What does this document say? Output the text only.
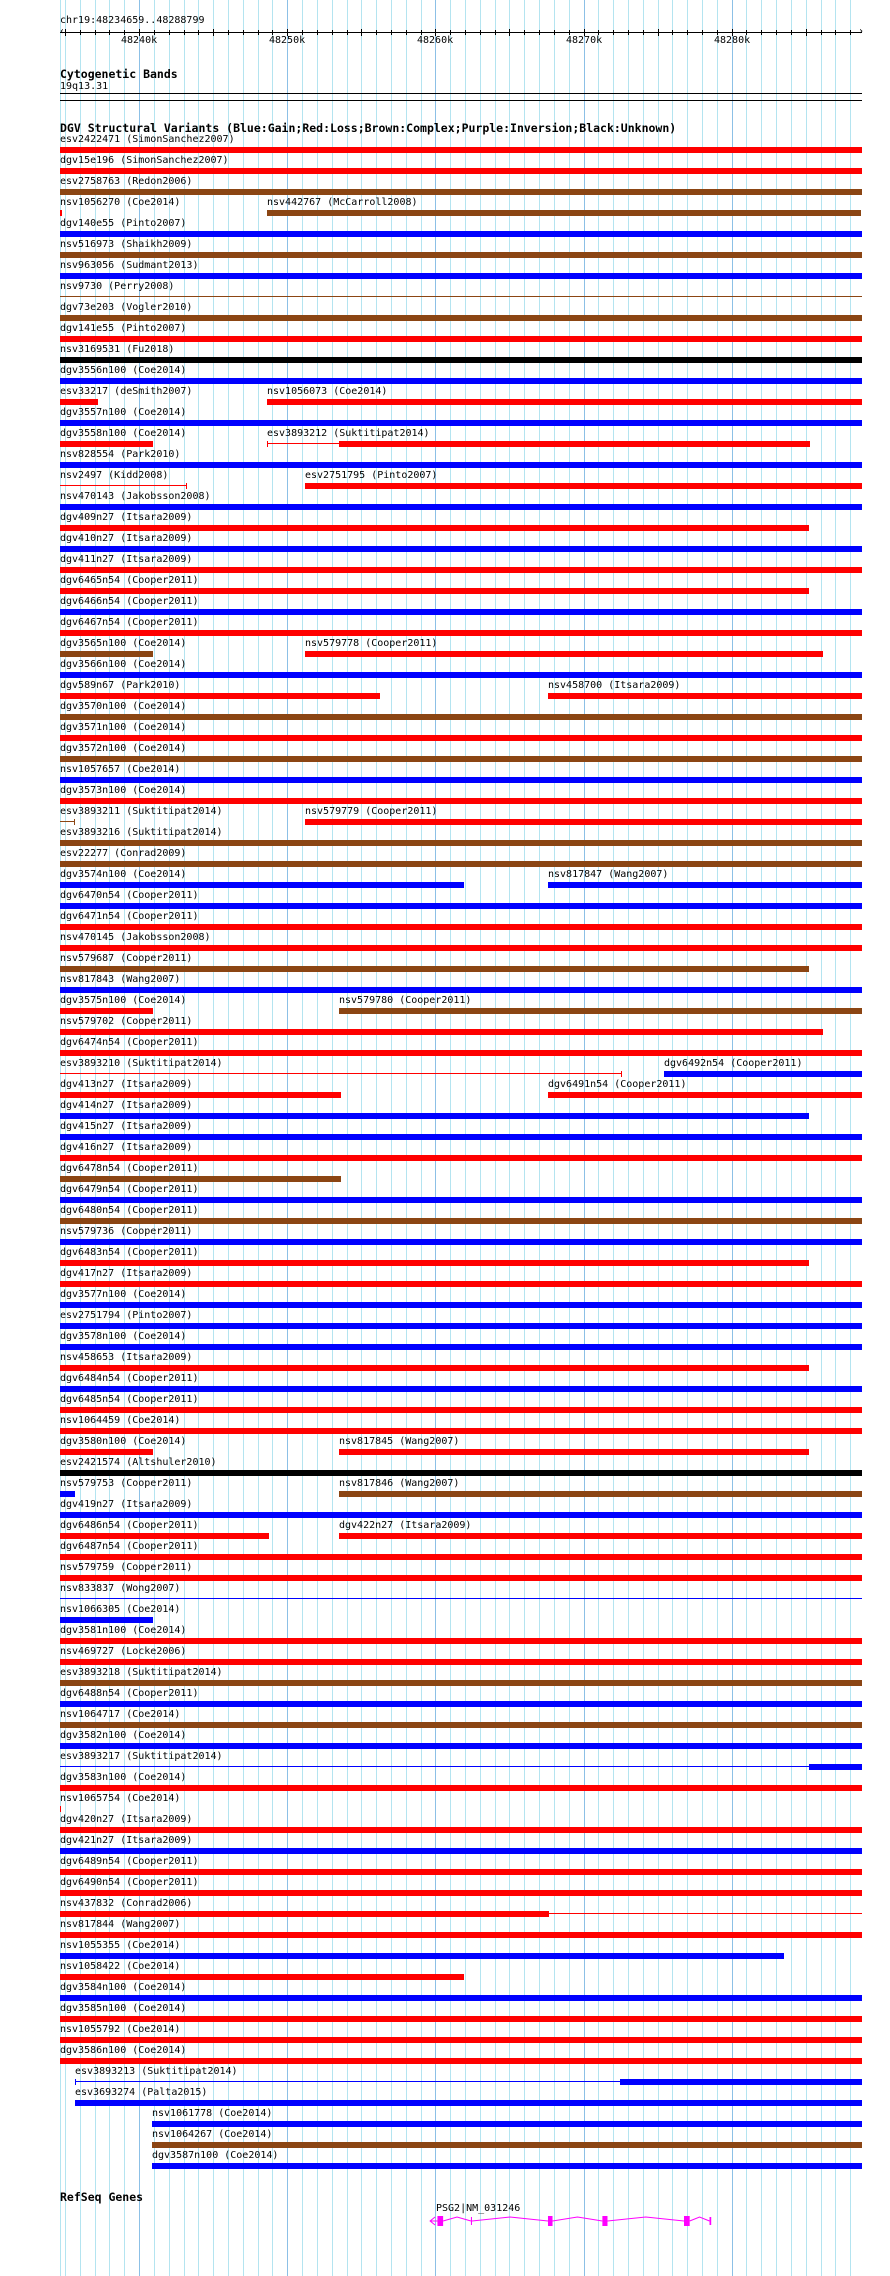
chr19:48234659..48288799
‹	›
48240k	48250k	48260k	48270k	48280k
Cytogenetic Bands
19q13.31
DGV Structural Variants (Blue:Gain;Red:Loss;Brown:Complex;Purple:Inversion;Black:Unknown)
esv2422471 (SimonSanchez2007)
dgv15e196 (SimonSanchez2007)
esv2758763 (Redon2006)
nsv1056270 (Coe2014)	nsv442767 (McCarroll2008)
dgv140e55 (Pinto2007)
nsv516973 (Shaikh2009)
nsv963056 (Sudmant2013)
nsv9730 (Perry2008)
dgv73e203 (Vogler2010)
dgv141e55 (Pinto2007)
nsv3169531 (Fu2018)
dgv3556n100 (Coe2014)
esv33217 (deSmith2007)	nsv1056073 (Coe2014)
dgv3557n100 (Coe2014)
dgv3558n100 (Coe2014)	esv3893212 (Suktitipat2014)
nsv828554 (Park2010)
nsv2497 (Kidd2008)	esv2751795 (Pinto2007)
nsv470143 (Jakobsson2008)
dgv409n27 (Itsara2009)
dgv410n27 (Itsara2009)
dgv411n27 (Itsara2009)
dgv6465n54 (Cooper2011)
dgv6466n54 (Cooper2011)
dgv6467n54 (Cooper2011)
dgv3565n100 (Coe2014)	nsv579778 (Cooper2011)
dgv3566n100 (Coe2014)
dgv589n67 (Park2010)	nsv458700 (Itsara2009)
dgv3570n100 (Coe2014)
dgv3571n100 (Coe2014)
dgv3572n100 (Coe2014)
nsv1057657 (Coe2014)
dgv3573n100 (Coe2014)
esv3893211 (Suktitipat2014)	nsv579779 (Cooper2011)
esv3893216 (Suktitipat2014)
esv22277 (Conrad2009)
dgv3574n100 (Coe2014)	nsv817847 (Wang2007)
dgv6470n54 (Cooper2011)
dgv6471n54 (Cooper2011)
nsv470145 (Jakobsson2008)
nsv579687 (Cooper2011)
nsv817843 (Wang2007)
dgv3575n100 (Coe2014)	nsv579780 (Cooper2011)
nsv579702 (Cooper2011)
dgv6474n54 (Cooper2011)
esv3893210 (Suktitipat2014)	dgv6492n54 (Cooper2011)
dgv413n27 (Itsara2009)	dgv6491n54 (Cooper2011)
dgv414n27 (Itsara2009)
dgv415n27 (Itsara2009)
dgv416n27 (Itsara2009)
dgv6478n54 (Cooper2011)
dgv6479n54 (Cooper2011)
dgv6480n54 (Cooper2011)
nsv579736 (Cooper2011)
dgv6483n54 (Cooper2011)
dgv417n27 (Itsara2009)
dgv3577n100 (Coe2014)
esv2751794 (Pinto2007)
dgv3578n100 (Coe2014)
nsv458653 (Itsara2009)
dgv6484n54 (Cooper2011)
dgv6485n54 (Cooper2011)
nsv1064459 (Coe2014)
dgv3580n100 (Coe2014)	nsv817845 (Wang2007)
esv2421574 (Altshuler2010)
nsv579753 (Cooper2011)	nsv817846 (Wang2007)
dgv419n27 (Itsara2009)
dgv6486n54 (Cooper2011)	dgv422n27 (Itsara2009)
dgv6487n54 (Cooper2011)
nsv579759 (Cooper2011)
nsv833837 (Wong2007)
nsv1066305 (Coe2014)
dgv3581n100 (Coe2014)
nsv469727 (Locke2006)
esv3893218 (Suktitipat2014)
dgv6488n54 (Cooper2011)
nsv1064717 (Coe2014)
dgv3582n100 (Coe2014)
esv3893217 (Suktitipat2014)
dgv3583n100 (Coe2014)
nsv1065754 (Coe2014)
dgv420n27 (Itsara2009)
dgv421n27 (Itsara2009)
dgv6489n54 (Cooper2011)
dgv6490n54 (Cooper2011)
nsv437832 (Conrad2006)
nsv817844 (Wang2007)
nsv1055355 (Coe2014)
nsv1058422 (Coe2014)
dgv3584n100 (Coe2014)
dgv3585n100 (Coe2014)
nsv1055792 (Coe2014)
dgv3586n100 (Coe2014)
esv3893213 (Suktitipat2014)
esv3693274 (Palta2015)
nsv1061778 (Coe2014)
nsv1064267 (Coe2014)
dgv3587n100 (Coe2014)
RefSeq Genes
PSG2|NM_031246
